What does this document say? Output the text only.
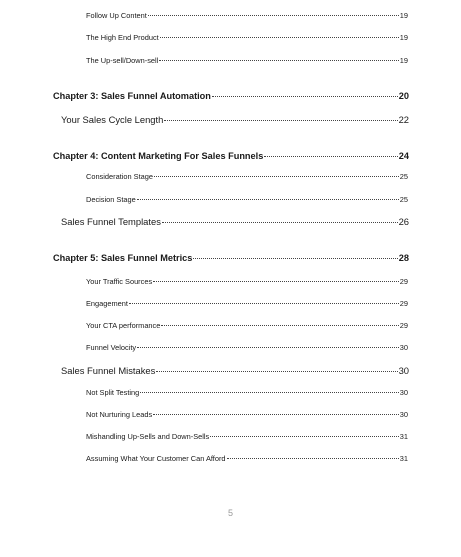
Follow Up Content	19
The High End Product	19
The Up-sell/Down-sell	19
Chapter 3: Sales Funnel Automation	20
Your Sales Cycle Length	22
Chapter 4: Content Marketing For Sales Funnels	24
Consideration Stage	25
Decision Stage	25
Sales Funnel Templates	26
Chapter 5: Sales Funnel Metrics	28
Your Traffic Sources	29
Engagement	29
Your CTA performance	29
Funnel Velocity	30
Sales Funnel Mistakes	30
Not Split Testing	30
Not Nurturing Leads	30
Mishandling Up-Sells and Down-Sells	31
Assuming What Your Customer Can Afford	31
5
